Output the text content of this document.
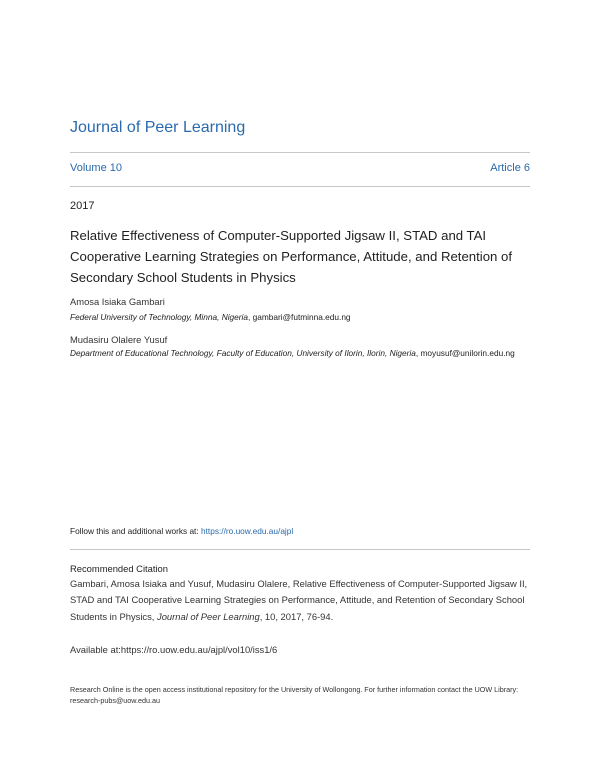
Journal of Peer Learning
Volume 10	Article 6
2017
Relative Effectiveness of Computer-Supported Jigsaw II, STAD and TAI Cooperative Learning Strategies on Performance, Attitude, and Retention of Secondary School Students in Physics
Amosa Isiaka Gambari
Federal University of Technology, Minna, Nigeria, gambari@futminna.edu.ng
Mudasiru Olalere Yusuf
Department of Educational Technology, Faculty of Education, University of Ilorin, Ilorin, Nigeria, moyusuf@unilorin.edu.ng
Follow this and additional works at: https://ro.uow.edu.au/ajpl
Recommended Citation
Gambari, Amosa Isiaka and Yusuf, Mudasiru Olalere, Relative Effectiveness of Computer-Supported Jigsaw II, STAD and TAI Cooperative Learning Strategies on Performance, Attitude, and Retention of Secondary School Students in Physics, Journal of Peer Learning, 10, 2017, 76-94.
Available at:https://ro.uow.edu.au/ajpl/vol10/iss1/6
Research Online is the open access institutional repository for the University of Wollongong. For further information contact the UOW Library: research-pubs@uow.edu.au
